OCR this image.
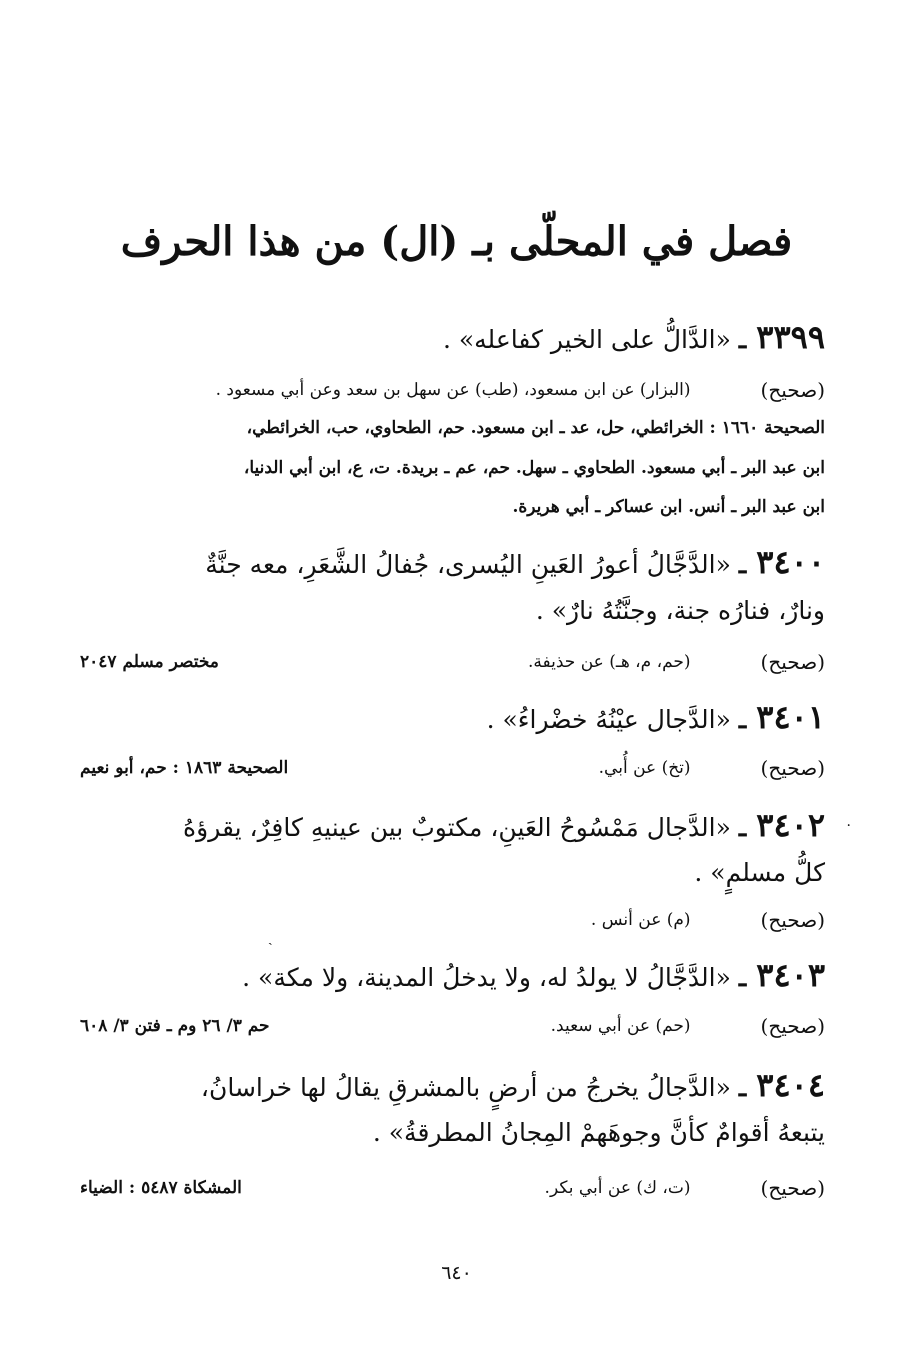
فصل في المحلّى بـ (ال) من هذا الحرف
٣٣٩٩ـ«الدَّالُّ على الخير كفاعله» .
(صحيح)
(البزار) عن ابن مسعود، (طب) عن سهل بن سعد وعن أبي مسعود .
الصحيحة ١٦٦٠ : الخرائطي، حل، عد ـ ابن مسعود. حم، الطحاوي، حب، الخرائطي،
ابن عبد البر ـ أبي مسعود. الطحاوي ـ سهل. حم، عم ـ بريدة. ت، ع، ابن أبي الدنيا،
ابن عبد البر ـ أنس. ابن عساكر ـ أبي هريرة.
٣٤٠٠ـ«الدَّجَّالُ أعورُ العَينِ اليُسرى، جُفالُ الشَّعَرِ، معه جنَّةٌ
ونارٌ، فنارُه جنة، وجنَّتُهُ نارٌ» .
(صحيح)
(حم، م، هـ) عن حذيفة.
مختصر مسلم ٢٠٤٧
٣٤٠١ـ«الدَّجال عيْنُهُ خضْراءُ» .
(صحيح)
(تخ) عن أُبي.
الصحيحة ١٨٦٣ : حم، أبو نعيم
٣٤٠٢ـ«الدَّجال مَمْسُوحُ العَينِ، مكتوبٌ بين عينيهِ كافِرٌ، يقرؤهُ
كلُّ مسلمٍ» .
(صحيح)
(م) عن أنس .
ˏ
٣٤٠٣ـ«الدَّجَّالُ لا يولدُ له، ولا يدخلُ المدينة، ولا مكة» .
(صحيح)
(حم) عن أبي سعيد.
حم ٣/ ٢٦ وم ـ فتن ٣/ ٦٠٨
٣٤٠٤ـ«الدَّجالُ يخرجُ من أرضٍ بالمشرقِ يقالُ لها خراسانُ،
يتبعهُ أقوامٌ كأنَّ وجوهَهمْ المِجانُ المطرقةُ» .
(صحيح)
(ت، ك) عن أبي بكر.
المشكاة ٥٤٨٧ : الضياء
٦٤٠
·
